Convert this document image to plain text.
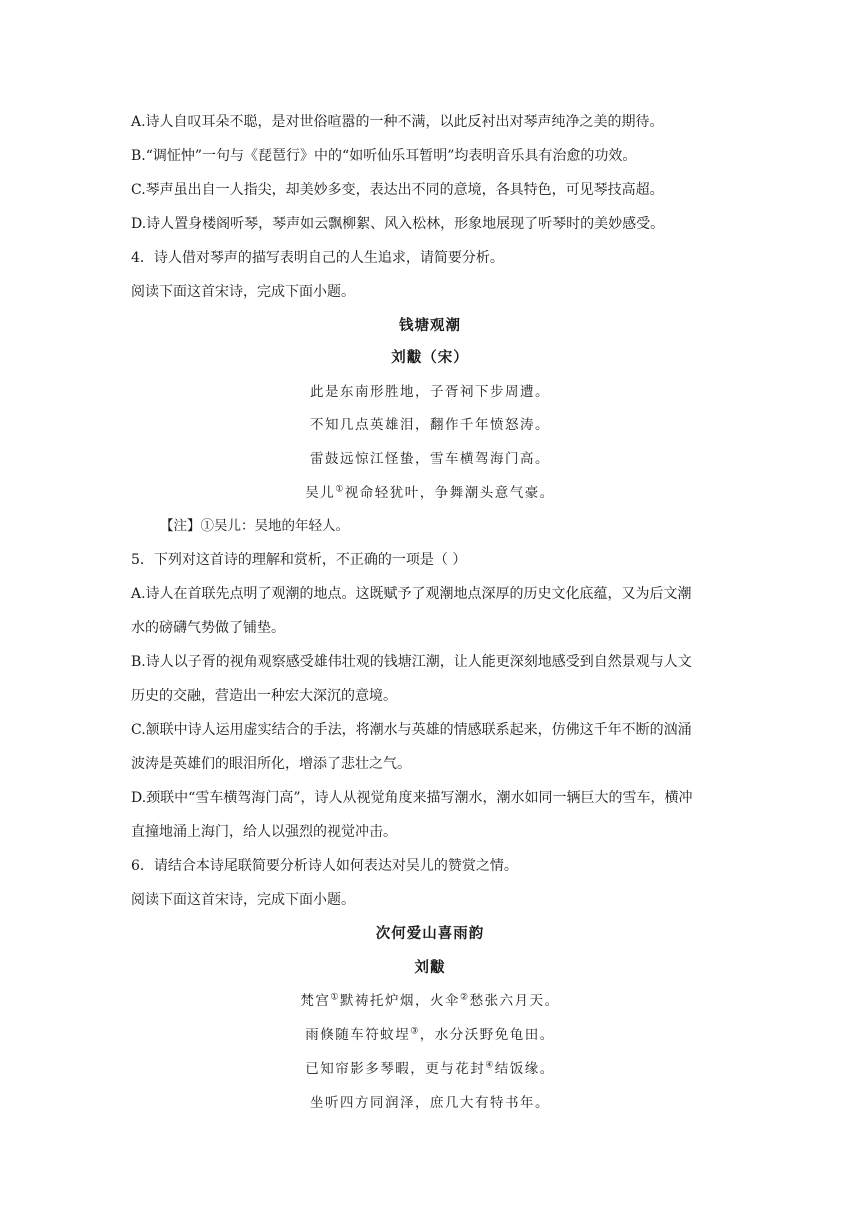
A.诗人自叹耳朵不聪，是对世俗喧嚣的一种不满，以此反衬出对琴声纯净之美的期待。
B.“调怔忡”一句与《琵琶行》中的“如听仙乐耳暂明”均表明音乐具有治愈的功效。
C.琴声虽出自一人指尖，却美妙多变，表达出不同的意境，各具特色，可见琴技高超。
D.诗人置身楼阁听琴，琴声如云飘柳絮、风入松林，形象地展现了听琴时的美妙感受。
4．诗人借对琴声的描写表明自己的人生追求，请简要分析。
阅读下面这首宋诗，完成下面小题。
钱塘观潮
刘黻（宋）
此是东南形胜地，子胥祠下步周遭。
不知几点英雄泪，翻作千年愤怒涛。
雷鼓远惊江怪蛰，雪车横驾海门高。
吴儿①视命轻犹叶，争舞潮头意气豪。
【注】①吴儿：吴地的年轻人。
5．下列对这首诗的理解和赏析，不正确的一项是（ ）
A.诗人在首联先点明了观潮的地点。这既赋予了观潮地点深厚的历史文化底蕴，又为后文潮
水的磅礴气势做了铺垫。
B.诗人以子胥的视角观察感受雄伟壮观的钱塘江潮，让人能更深刻地感受到自然景观与人文
历史的交融，营造出一种宏大深沉的意境。
C.颔联中诗人运用虚实结合的手法，将潮水与英雄的情感联系起来，仿佛这千年不断的汹涌
波涛是英雄们的眼泪所化，增添了悲壮之气。
D.颈联中“雪车横驾海门高”，诗人从视觉角度来描写潮水，潮水如同一辆巨大的雪车，横冲
直撞地涌上海门，给人以强烈的视觉冲击。
6．请结合本诗尾联简要分析诗人如何表达对吴儿的赞赏之情。
阅读下面这首宋诗，完成下面小题。
次何爱山喜雨韵
刘黻
梵宫①默祷托炉烟，火伞②愁张六月天。
雨倏随车符蚊埕③，水分沃野免龟田。
已知帘影多琴暇，更与花封④结饭缘。
坐听四方同润泽，庶几大有特书年。
